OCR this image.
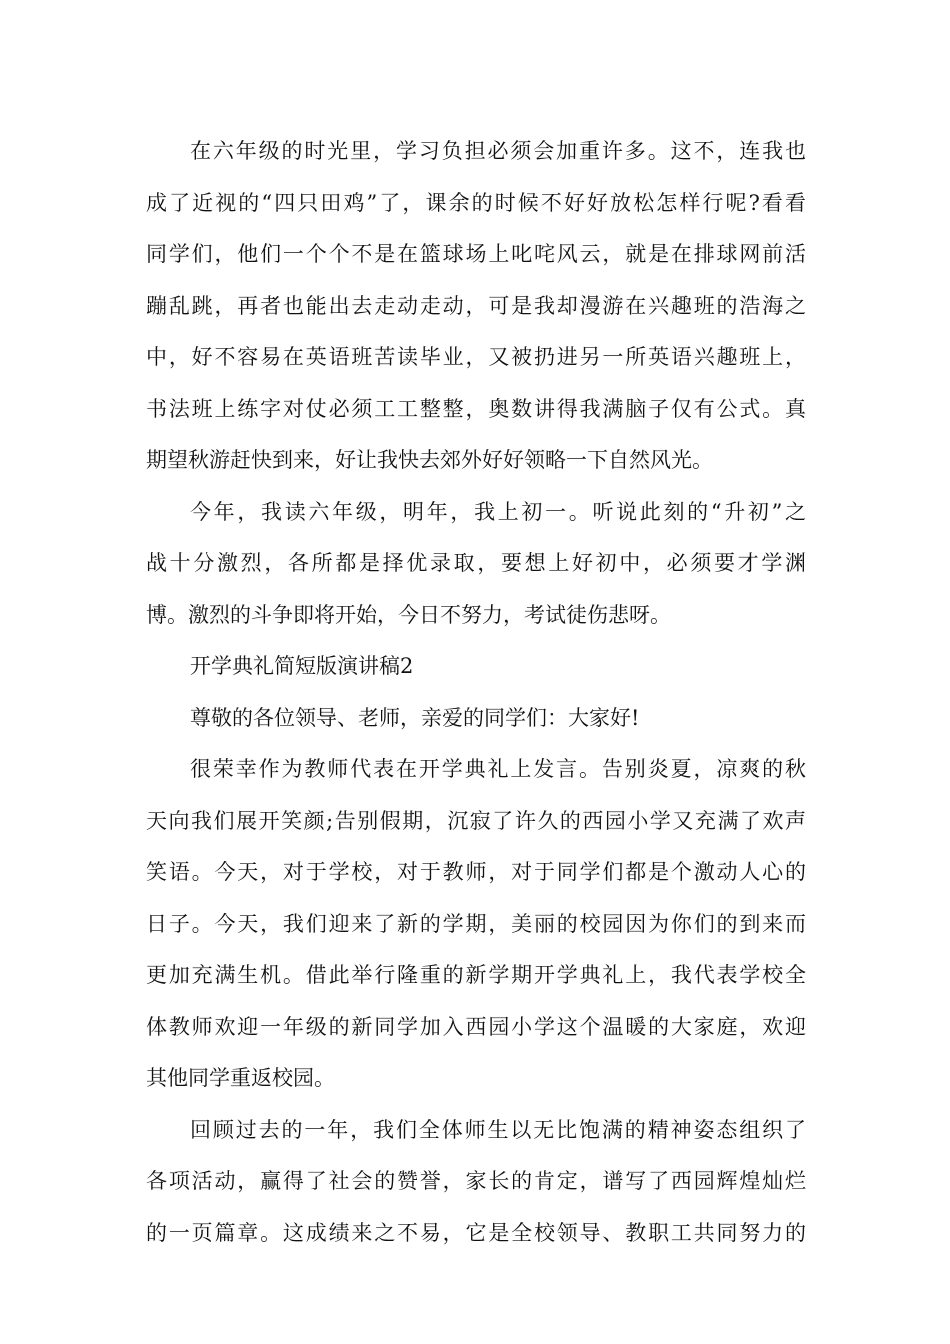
在六年级的时光里，学习负担必须会加重许多。这不，连我也
成了近视的“四只田鸡”了，课余的时候不好好放松怎样行呢?看看
同学们，他们一个个不是在篮球场上叱咤风云，就是在排球网前活
蹦乱跳，再者也能出去走动走动，可是我却漫游在兴趣班的浩海之
中，好不容易在英语班苦读毕业，又被扔进另一所英语兴趣班上，
书法班上练字对仗必须工工整整，奥数讲得我满脑子仅有公式。真
期望秋游赶快到来，好让我快去郊外好好领略一下自然风光。
今年，我读六年级，明年，我上初一。听说此刻的“升初”之
战十分激烈，各所都是择优录取，要想上好初中，必须要才学渊
博。激烈的斗争即将开始，今日不努力，考试徒伤悲呀。
开学典礼简短版演讲稿2
尊敬的各位领导、老师，亲爱的同学们：大家好!
很荣幸作为教师代表在开学典礼上发言。告别炎夏，凉爽的秋
天向我们展开笑颜;告别假期，沉寂了许久的西园小学又充满了欢声
笑语。今天，对于学校，对于教师，对于同学们都是个激动人心的
日子。今天，我们迎来了新的学期，美丽的校园因为你们的到来而
更加充满生机。借此举行隆重的新学期开学典礼上，我代表学校全
体教师欢迎一年级的新同学加入西园小学这个温暖的大家庭，欢迎
其他同学重返校园。
回顾过去的一年，我们全体师生以无比饱满的精神姿态组织了
各项活动，赢得了社会的赞誉，家长的肯定，谱写了西园辉煌灿烂
的一页篇章。这成绩来之不易，它是全校领导、教职工共同努力的
